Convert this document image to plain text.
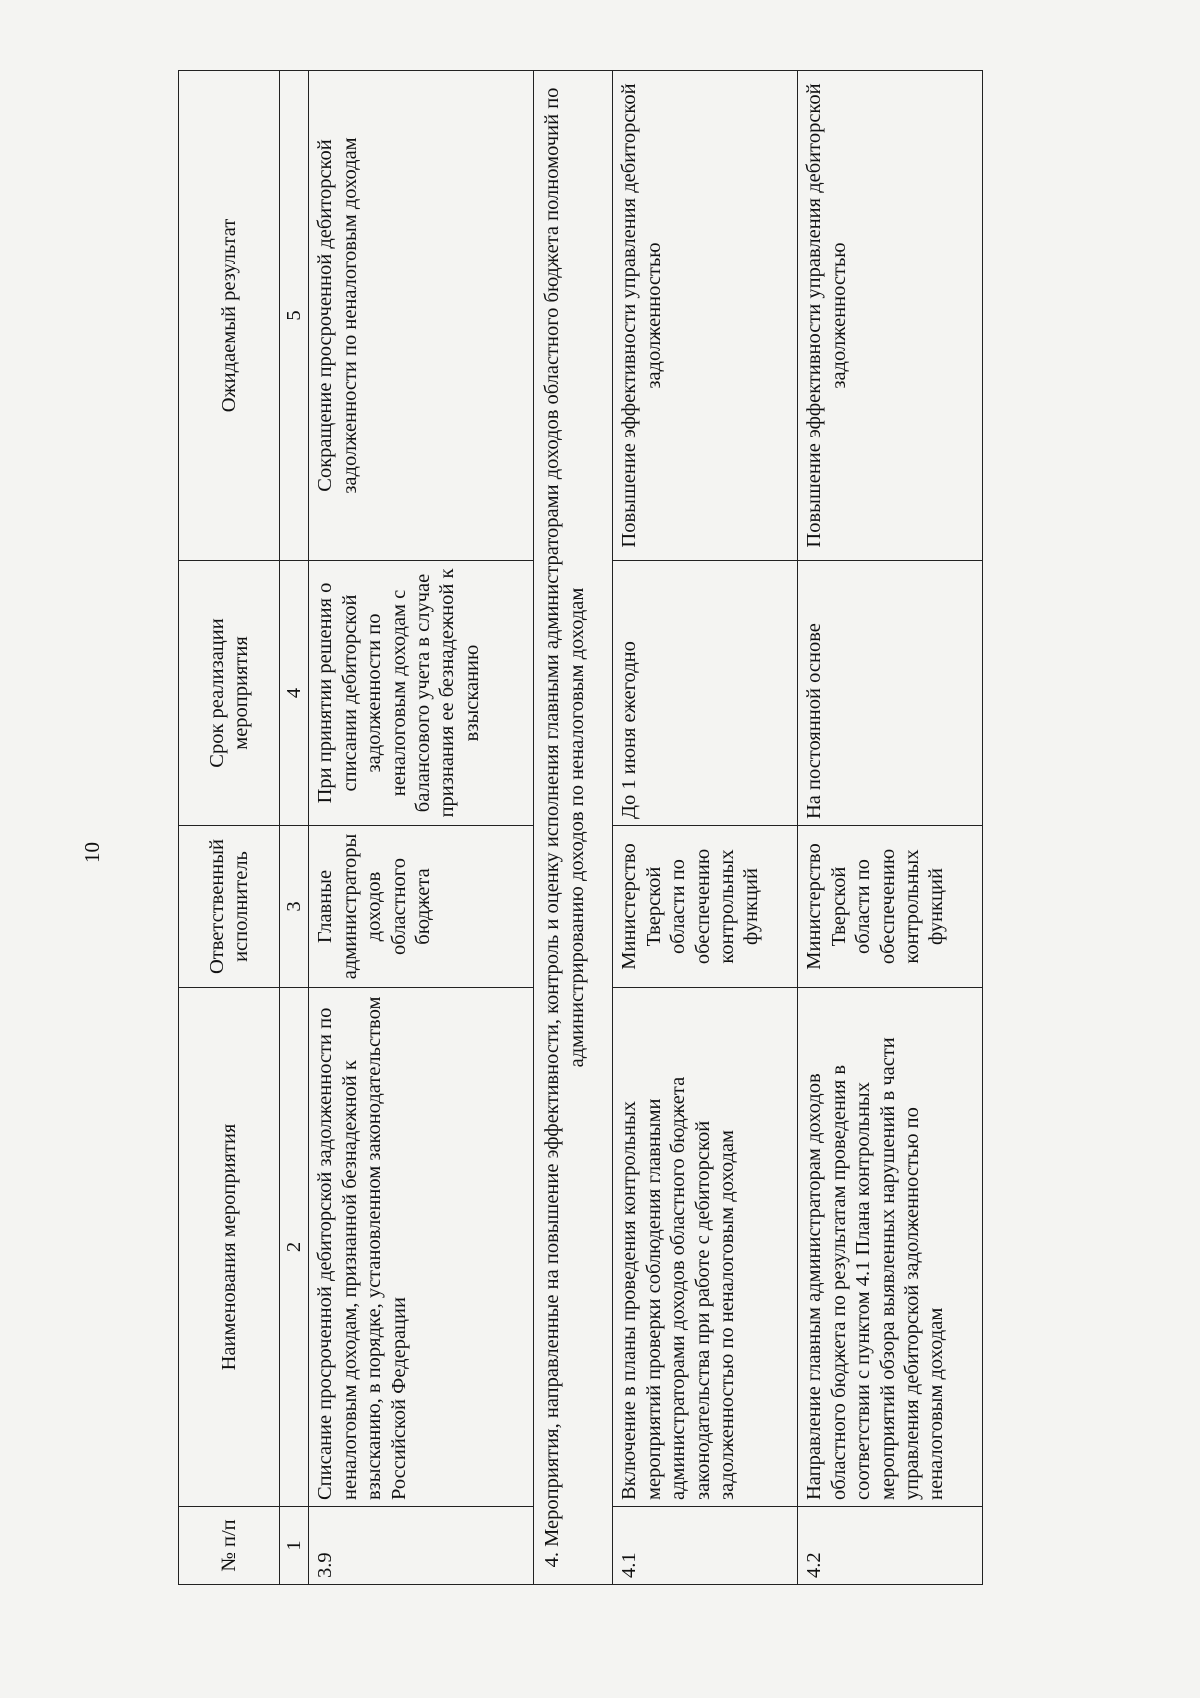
10
№ п/п	Наименования мероприятия	Ответственный исполнитель	Срок реализации мероприятия	Ожидаемый результат
1	2	3	4	5
3.9	Списание просроченной дебиторской задолженности по неналоговым доходам, признанной безнадежной к взысканию, в порядке, установленном законодательством Российской Федерации	Главные администраторы доходов областного бюджета	При принятии решения о списании дебиторской задолженности по неналоговым доходам с балансового учета в случае признания ее безнадежной к взысканию	Сокращение просроченной дебиторской задолженности по неналоговым доходам
4. Мероприятия, направленные на повышение эффективности, контроль и оценку исполнения главными администраторами доходов областного бюджета полномочий по администрированию доходов по неналоговым доходам				
4.1	Включение в планы проведения контрольных мероприятий проверки соблюдения главными администраторами доходов областного бюджета законодательства при работе с дебиторской задолженностью по неналоговым доходам	Министерство Тверской области по обеспечению контрольных функций	До 1 июня ежегодно	Повышение эффективности управления дебиторской задолженностью
4.2	Направление главным администраторам доходов областного бюджета по результатам проведения в соответствии с пунктом 4.1 Плана контрольных мероприятий обзора выявленных нарушений в части управления дебиторской задолженностью по неналоговым доходам	Министерство Тверской области по обеспечению контрольных функций	На постоянной основе	Повышение эффективности управления дебиторской задолженностью
